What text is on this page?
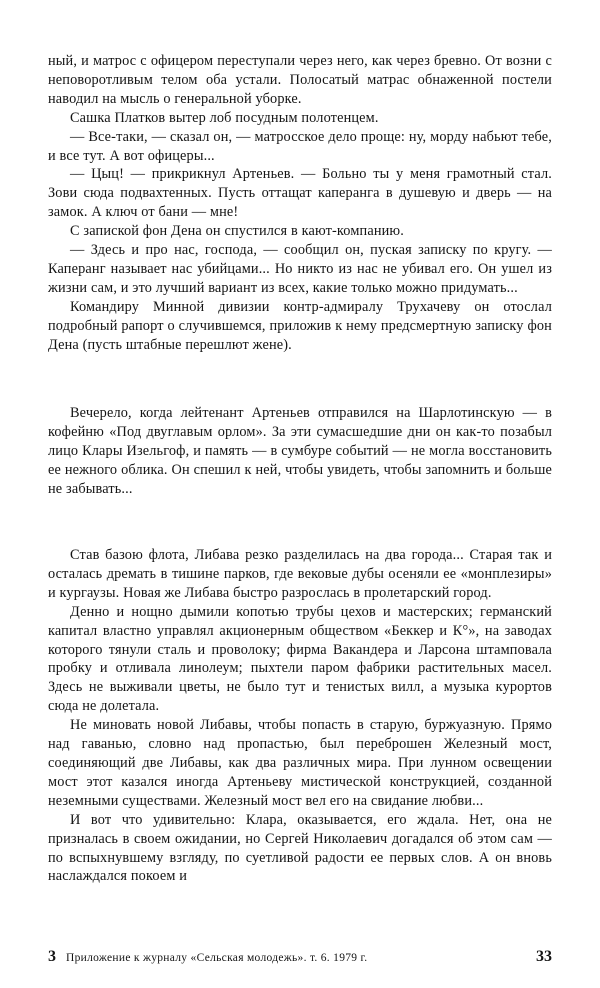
ный, и матрос с офицером переступали через него, как через бревно. От возни с неповоротливым телом оба устали. Полосатый матрас обнаженной постели наводил на мысль о генеральной уборке.

Сашка Платков вытер лоб посудным полотенцем.

— Все-таки, — сказал он, — матросское дело проще: ну, морду набьют тебе, и все тут. А вот офицеры...

— Цыц! — прикрикнул Артеньев. — Больно ты у меня грамотный стал. Зови сюда подвахтенных. Пусть оттащат каперанга в душевую и дверь — на замок. А ключ от бани — мне!

С запиской фон Дена он спустился в кают-компанию.

— Здесь и про нас, господа, — сообщил он, пуская записку по кругу. — Каперанг называет нас убийцами... Но никто из нас не убивал его. Он ушел из жизни сам, и это лучший вариант из всех, какие только можно придумать...

Командиру Минной дивизии контр-адмиралу Трухачеву он отослал подробный рапорт о случившемся, приложив к нему предсмертную записку фон Дена (пусть штабные перешлют жене).

Вечерело, когда лейтенант Артеньев отправился на Шарлотинскую — в кофейню «Под двуглавым орлом». За эти сумасшедшие дни он как-то позабыл лицо Клары Изельгоф, и память — в сумбуре событий — не могла восстановить ее нежного облика. Он спешил к ней, чтобы увидеть, чтобы запомнить и больше не забывать...

Став базою флота, Либава резко разделилась на два города... Старая так и осталась дремать в тишине парков, где вековые дубы осеняли ее «монплезиры» и кургаузы. Новая же Либава быстро разрослась в пролетарский город.

Денно и нощно дымили копотью трубы цехов и мастерских; германский капитал властно управлял акционерным обществом «Беккер и К°», на заводах которого тянули сталь и проволоку; фирма Вакандера и Ларсона штамповала пробку и отливала линолеум; пыхтели паром фабрики растительных масел. Здесь не выживали цветы, не было тут и тенистых вилл, а музыка курортов сюда не долетала.

Не миновать новой Либавы, чтобы попасть в старую, буржуазную. Прямо над гаванью, словно над пропастью, был переброшен Железный мост, соединяющий две Либавы, как два различных мира. При лунном освещении мост этот казался иногда Артеньеву мистической конструкцией, созданной неземными существами. Железный мост вел его на свидание любви...

И вот что удивительно: Клара, оказывается, его ждала. Нет, она не призналась в своем ожидании, но Сергей Николаевич догадался об этом сам — по вспыхнувшему взгляду, по суетливой радости ее первых слов. А он вновь наслаждался покоем и

3 Приложение к журналу «Сельская молодежь». т. 6. 1979 г.	33
